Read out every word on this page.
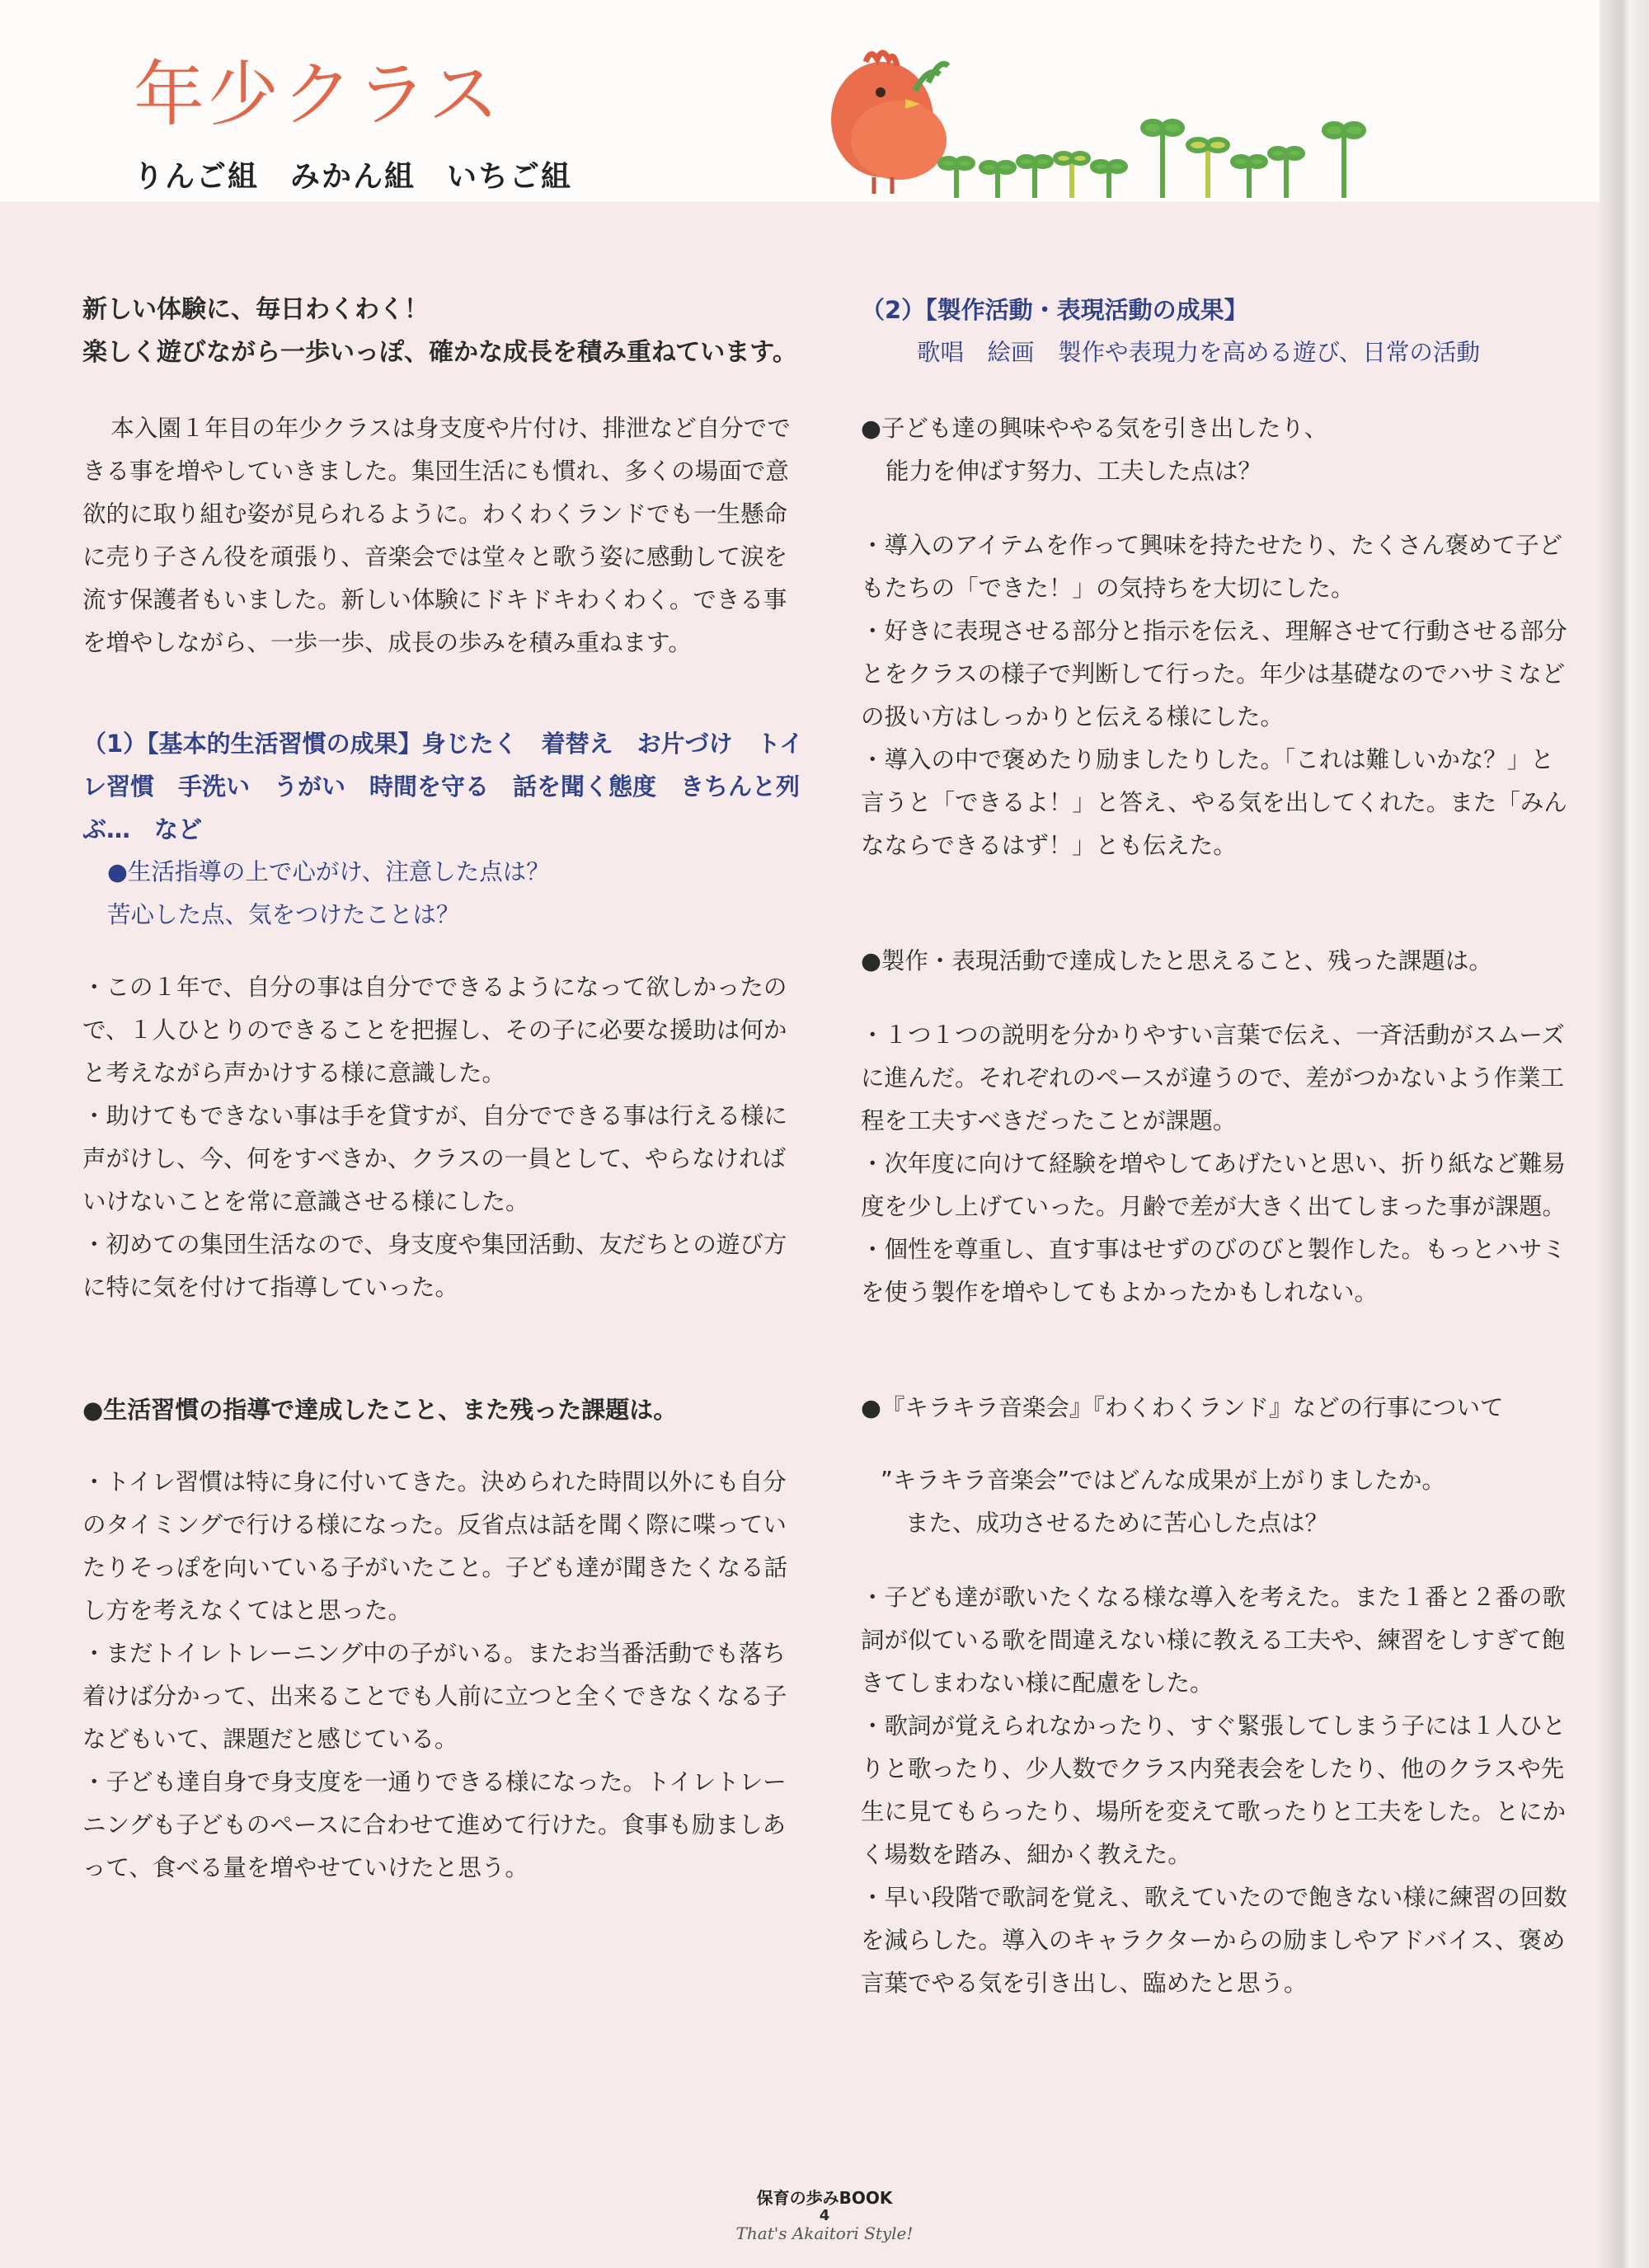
年少クラス
りんご組　みかん組　いちご組

新しい体験に、毎日わくわく！

楽しく遊びながら一歩いっぽ、確かな成長を積み重ねています。

本入園１年目の年少クラスは身支度や片付け、排泄など自分でできる事を増やしていきました。集団生活にも慣れ、多くの場面で意欲的に取り組む姿が見られるように。わくわくランドでも一生懸命に売り子さん役を頑張り、音楽会では堂々と歌う姿に感動して涙を流す保護者もいました。新しい体験にドキドキわくわく。できる事を増やしながら、一歩一歩、成長の歩みを積み重ねます。

（1）【基本的生活習慣の成果】身じたく　着替え　お片づけ　トイレ習慣　手洗い　うがい　時間を守る　話を聞く態度　きちんと列ぶ…　など

●生活指導の上で心がけ、注意した点は？

苦心した点、気をつけたことは？

・この１年で、自分の事は自分でできるようになって欲しかったので、１人ひとりのできることを把握し、その子に必要な援助は何かと考えながら声かけする様に意識した。

・助けてもできない事は手を貸すが、自分でできる事は行える様に声がけし、今、何をすべきか、クラスの一員として、やらなければいけないことを常に意識させる様にした。

・初めての集団生活なので、身支度や集団活動、友だちとの遊び方に特に気を付けて指導していった。

●生活習慣の指導で達成したこと、また残った課題は。

・トイレ習慣は特に身に付いてきた。決められた時間以外にも自分のタイミングで行ける様になった。反省点は話を聞く際に喋っていたりそっぽを向いている子がいたこと。子ども達が聞きたくなる話し方を考えなくてはと思った。

・まだトイレトレーニング中の子がいる。またお当番活動でも落ち着けば分かって、出来ることでも人前に立つと全くできなくなる子などもいて、課題だと感じている。

・子ども達自身で身支度を一通りできる様になった。トイレトレーニングも子どものペースに合わせて進めて行けた。食事も励ましあって、食べる量を増やせていけたと思う。

（2）【製作活動・表現活動の成果】

歌唱　絵画　製作や表現力を高める遊び、日常の活動

●子ども達の興味ややる気を引き出したり、

能力を伸ばす努力、工夫した点は？

・導入のアイテムを作って興味を持たせたり、たくさん褒めて子どもたちの「できた！」の気持ちを大切にした。

・好きに表現させる部分と指示を伝え、理解させて行動させる部分とをクラスの様子で判断して行った。年少は基礎なのでハサミなどの扱い方はしっかりと伝える様にした。

・導入の中で褒めたり励ましたりした。「これは難しいかな？」と言うと「できるよ！」と答え、やる気を出してくれた。また「みんなならできるはず！」とも伝えた。

●製作・表現活動で達成したと思えること、残った課題は。

・１つ１つの説明を分かりやすい言葉で伝え、一斉活動がスムーズに進んだ。それぞれのペースが違うので、差がつかないよう作業工程を工夫すべきだったことが課題。

・次年度に向けて経験を増やしてあげたいと思い、折り紙など難易度を少し上げていった。月齢で差が大きく出てしまった事が課題。

・個性を尊重し、直す事はせずのびのびと製作した。もっとハサミを使う製作を増やしてもよかったかもしれない。

●『キラキラ音楽会』『わくわくランド』などの行事について

”キラキラ音楽会”ではどんな成果が上がりましたか。

また、成功させるために苦心した点は？

・子ども達が歌いたくなる様な導入を考えた。また１番と２番の歌詞が似ている歌を間違えない様に教える工夫や、練習をしすぎて飽きてしまわない様に配慮をした。

・歌詞が覚えられなかったり、すぐ緊張してしまう子には１人ひとりと歌ったり、少人数でクラス内発表会をしたり、他のクラスや先生に見てもらったり、場所を変えて歌ったりと工夫をした。とにかく場数を踏み、細かく教えた。

・早い段階で歌詞を覚え、歌えていたので飽きない様に練習の回数を減らした。導入のキャラクターからの励ましやアドバイス、褒め言葉でやる気を引き出し、臨めたと思う。

保育の歩みBOOK
4
That's Akaitori Style!
